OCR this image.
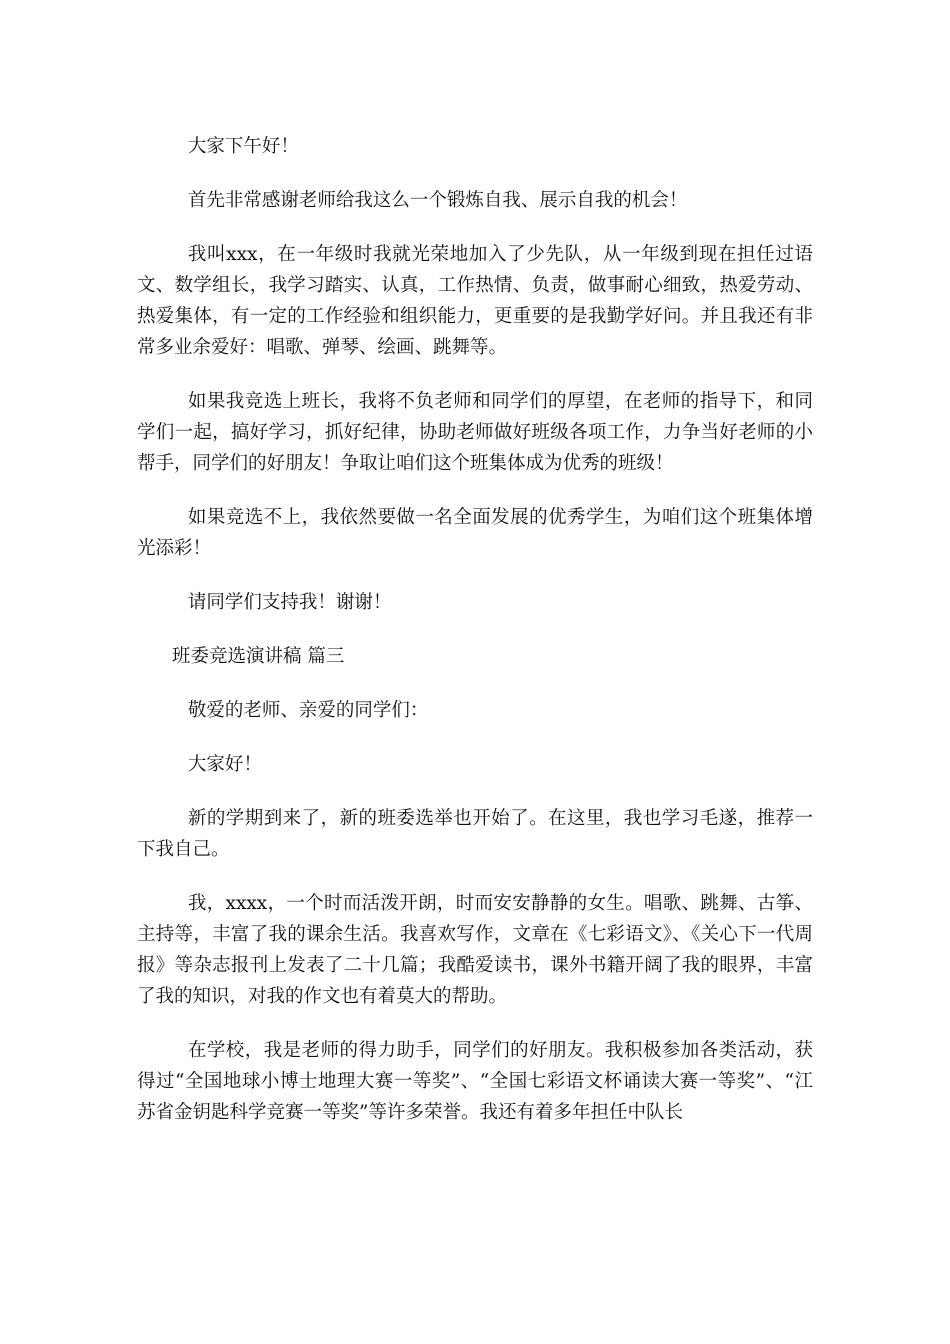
大家下午好！

首先非常感谢老师给我这么一个锻炼自我、展示自我的机会！

我叫xxx，在一年级时我就光荣地加入了少先队，从一年级到现在担任过语文、数学组长，我学习踏实、认真，工作热情、负责，做事耐心细致，热爱劳动、热爱集体，有一定的工作经验和组织能力，更重要的是我勤学好问。并且我还有非常多业余爱好：唱歌、弹琴、绘画、跳舞等。

如果我竞选上班长，我将不负老师和同学们的厚望，在老师的指导下，和同学们一起，搞好学习，抓好纪律，协助老师做好班级各项工作，力争当好老师的小帮手，同学们的好朋友！争取让咱们这个班集体成为优秀的班级！

如果竞选不上，我依然要做一名全面发展的优秀学生，为咱们这个班集体增光添彩！

请同学们支持我！谢谢！

班委竞选演讲稿 篇三

敬爱的老师、亲爱的同学们：

大家好！

新的学期到来了，新的班委选举也开始了。在这里，我也学习毛遂，推荐一下我自己。

我，xxxx，一个时而活泼开朗，时而安安静静的女生。唱歌、跳舞、古筝、主持等，丰富了我的课余生活。我喜欢写作，文章在《七彩语文》、《关心下一代周报》等杂志报刊上发表了二十几篇；我酷爱读书，课外书籍开阔了我的眼界，丰富了我的知识，对我的作文也有着莫大的帮助。

在学校，我是老师的得力助手，同学们的好朋友。我积极参加各类活动，获得过“全国地球小博士地理大赛一等奖”、“全国七彩语文杯诵读大赛一等奖”、“江苏省金钥匙科学竞赛一等奖”等许多荣誉。我还有着多年担任中队长
